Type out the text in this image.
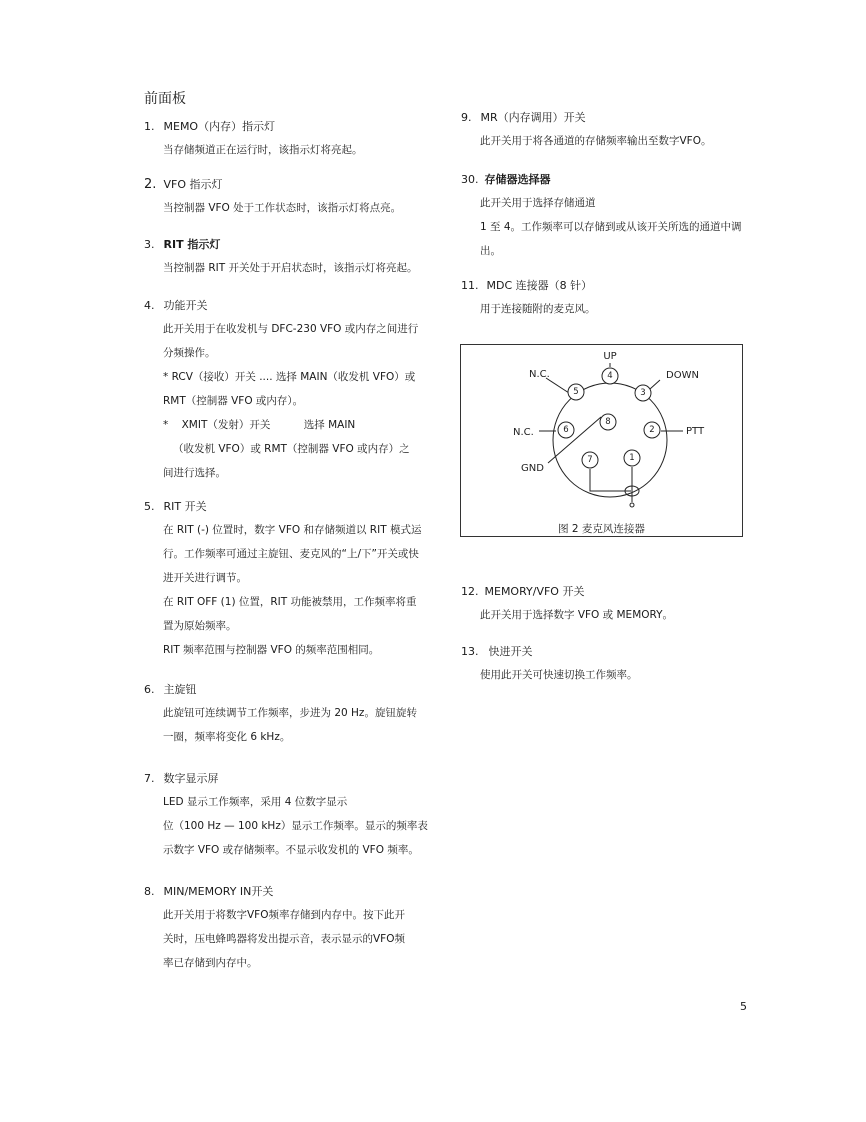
前面板
1. MEMO（内存）指示灯

当存储频道正在运行时，该指示灯将亮起。

2. VFO 指示灯

当控制器 VFO 处于工作状态时，该指示灯将点亮。

3. RIT 指示灯

当控制器 RIT 开关处于开启状态时，该指示灯将亮起。

4. 功能开关

此开关用于在收发机与 DFC-230 VFO 或内存之间进行

分频操作。

* RCV（接收）开关 .... 选择 MAIN（收发机 VFO）或

RMT（控制器 VFO 或内存）。

*    XMIT（发射）开关          选择 MAIN

（收发机 VFO）或 RMT（控制器 VFO 或内存）之

间进行选择。

5. RIT 开关

在 RIT (-) 位置时，数字 VFO 和存储频道以 RIT 模式运

行。工作频率可通过主旋钮、麦克风的“上/下”开关或快

进开关进行调节。

在 RIT OFF (1) 位置，RIT 功能被禁用，工作频率将重

置为原始频率。

RIT 频率范围与控制器 VFO 的频率范围相同。

6. 主旋钮

此旋钮可连续调节工作频率，步进为 20 Hz。旋钮旋转

一圈，频率将变化 6 kHz。

7. 数字显示屏

LED 显示工作频率，采用 4 位数字显示

位（100 Hz — 100 kHz）显示工作频率。显示的频率表

示数字 VFO 或存储频率。不显示收发机的 VFO 频率。

8. MIN/MEMORY IN开关

此开关用于将数字VFO频率存储到内存中。按下此开

关时，压电蜂鸣器将发出提示音，表示显示的VFO频

率已存储到内存中。

9. MR（内存调用）开关

此开关用于将各通道的存储频率输出至数字VFO。

30. 存储器选择器

此开关用于选择存储通道

1 至 4。工作频率可以存储到或从该开关所选的通道中调

出。

11. MDC 连接器（8 针）

用于连接随附的麦克风。

12. MEMORY/VFO 开关

此开关用于选择数字 VFO 或 MEMORY。

13. 快进开关

使用此开关可快速切换工作频率。

4
5	3
6	2
8
7	1
UP
N.C.	DOWN
N.C.	PTT
GND
图 2 麦克风连接器
5
